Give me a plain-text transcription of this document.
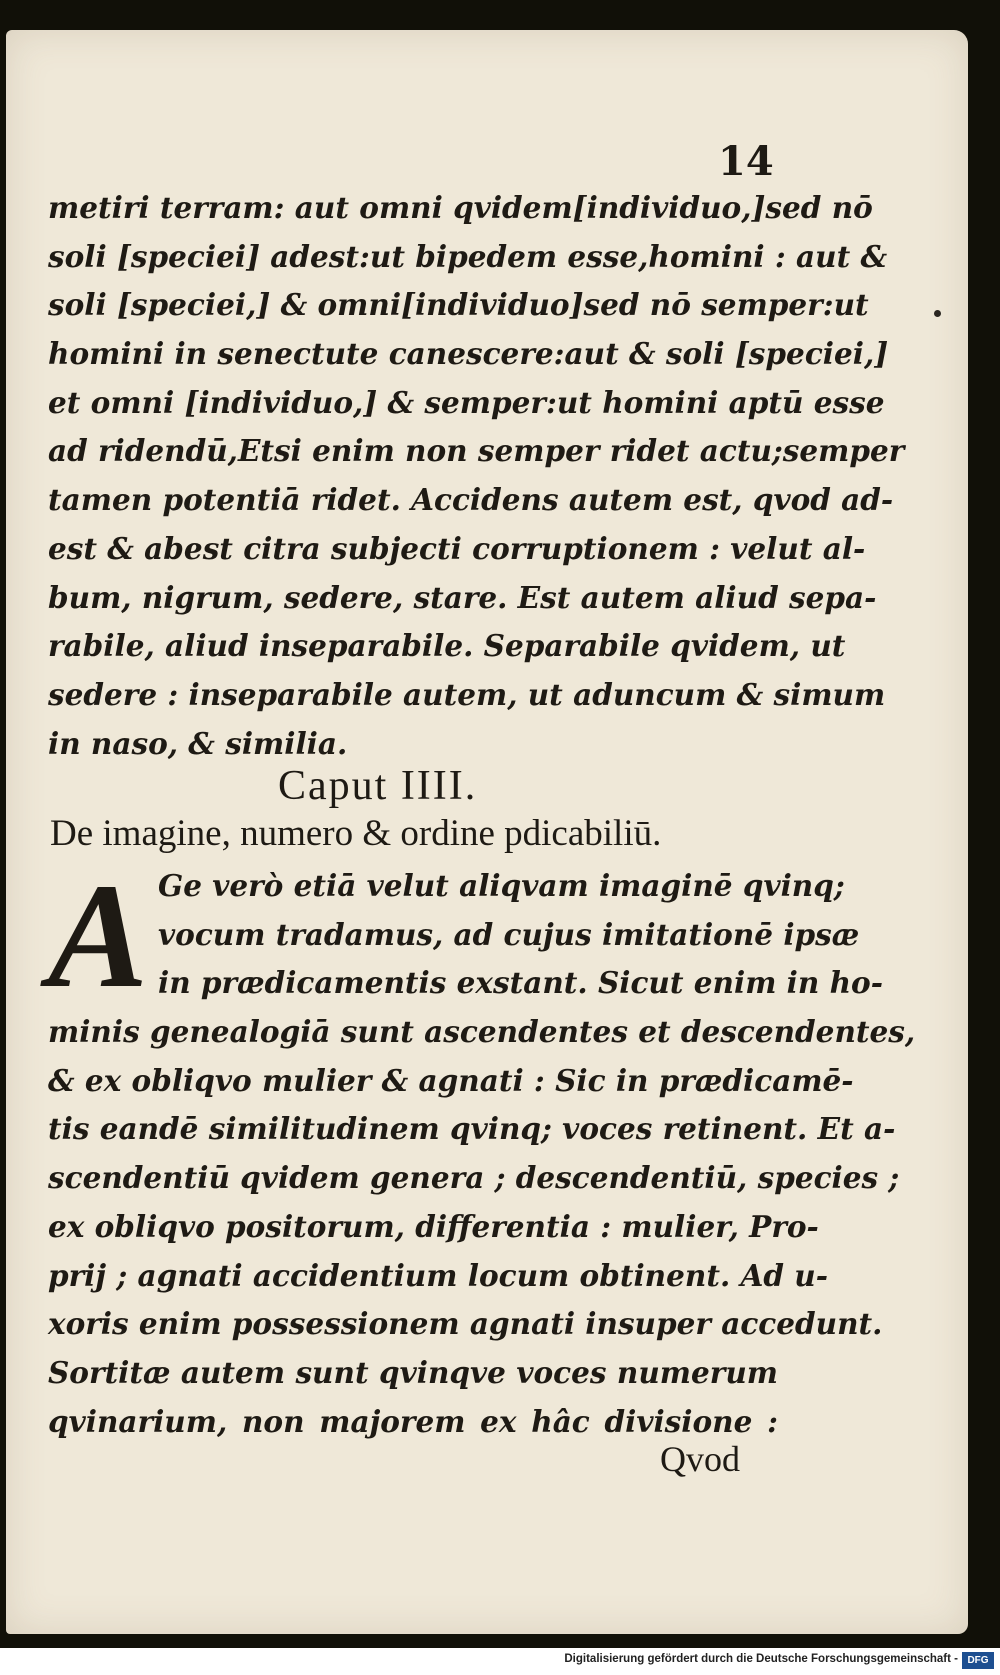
14
metiri terram: aut omni qvidem[individuo,]sed nō
soli [speciei] adest:ut bipedem esse,homini : aut &
soli [speciei,] & omni[individuo]sed nō semper:ut
homini in senectute canescere:aut & soli [speciei,]
et omni [individuo,] & semper:ut homini aptū esse
ad ridendū,Etsi enim non semper ridet actu;semper
tamen potentiā ridet. Accidens autem est, qvod ad-
est & abest citra subjecti corruptionem : velut al-
bum, nigrum, sedere, stare. Est autem aliud sepa-
rabile, aliud inseparabile. Separabile qvidem, ut
sedere : inseparabile autem, ut aduncum & simum
in naso, & similia.
Caput IIII.
De imagine, numero & ordine pdicabiliū.
A Ge verò etiā velut aliqvam imaginē qvinq;
vocum tradamus, ad cujus imitationē ipsæ
in prædicamentis exstant. Sicut enim in ho-
minis genealogiā sunt ascendentes et descendentes,
& ex obliqvo mulier & agnati : Sic in prædicamē-
tis eandē similitudinem qvinq; voces retinent. Et a-
scendentiū qvidem genera ; descendentiū, species ;
ex obliqvo positorum, differentia : mulier, Pro-
prij ; agnati accidentium locum obtinent. Ad u-
xoris enim possessionem agnati insuper accedunt.
Sortitæ autem sunt qvinqve voces numerum
qvinarium, non majorem ex hâc divisione :
Qvod
Digitalisierung gefördert durch die Deutsche Forschungsgemeinschaft - DFG
